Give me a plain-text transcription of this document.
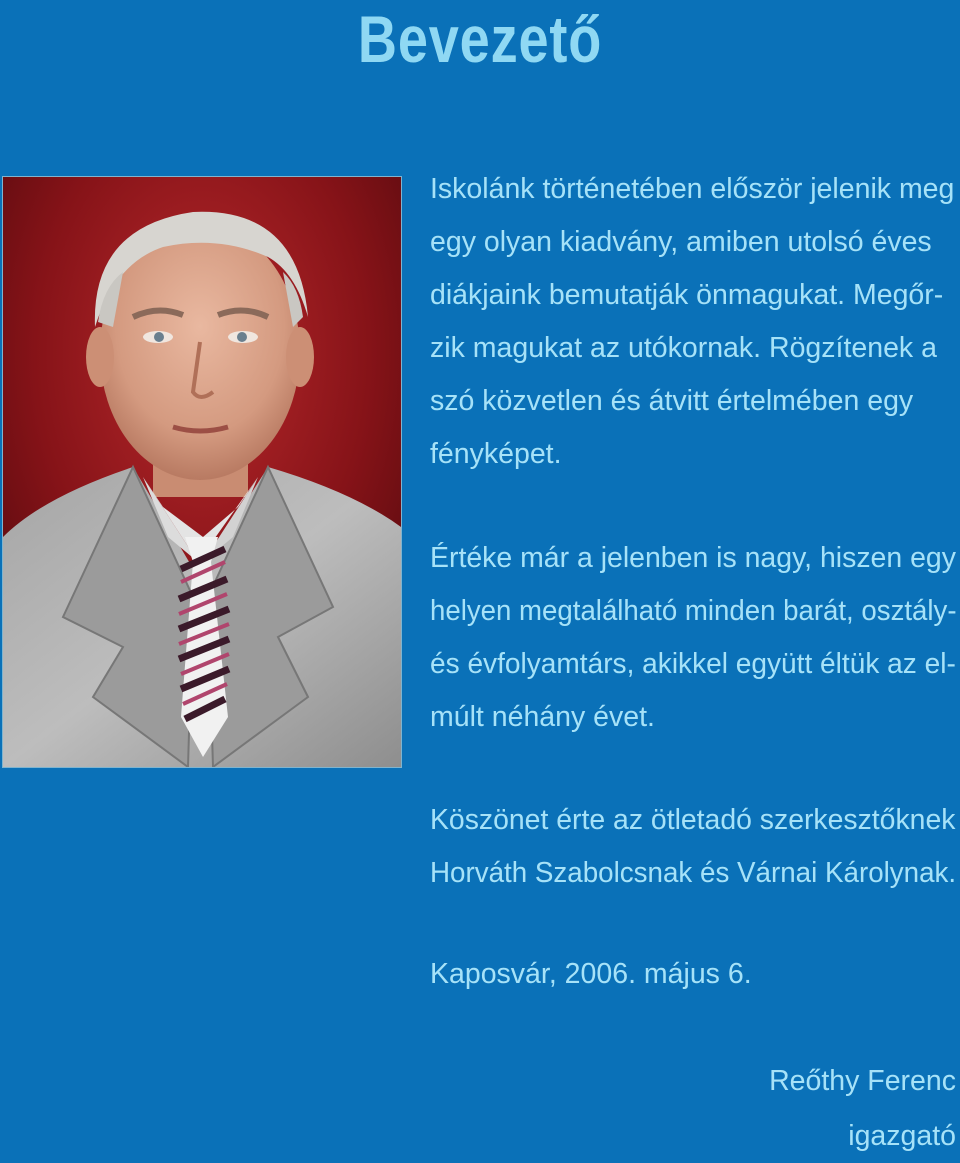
Bevezető
Iskolánk történetében először jelenik meg
egy olyan kiadvány, amiben utolsó éves
diákjaink bemutatják önmagukat. Megőr-
zik magukat az utókornak. Rögzítenek a
szó közvetlen és átvitt értelmében egy
fényképet.
Értéke már a jelenben is nagy, hiszen egy
helyen megtalálható minden barát, osztály-
és évfolyamtárs, akikkel együtt éltük az el-
múlt néhány évet.
Köszönet érte az ötletadó szerkesztőknek
Horváth Szabolcsnak és Várnai Károlynak.
Kaposvár, 2006. május 6.
Reőthy Ferenc
igazgató
